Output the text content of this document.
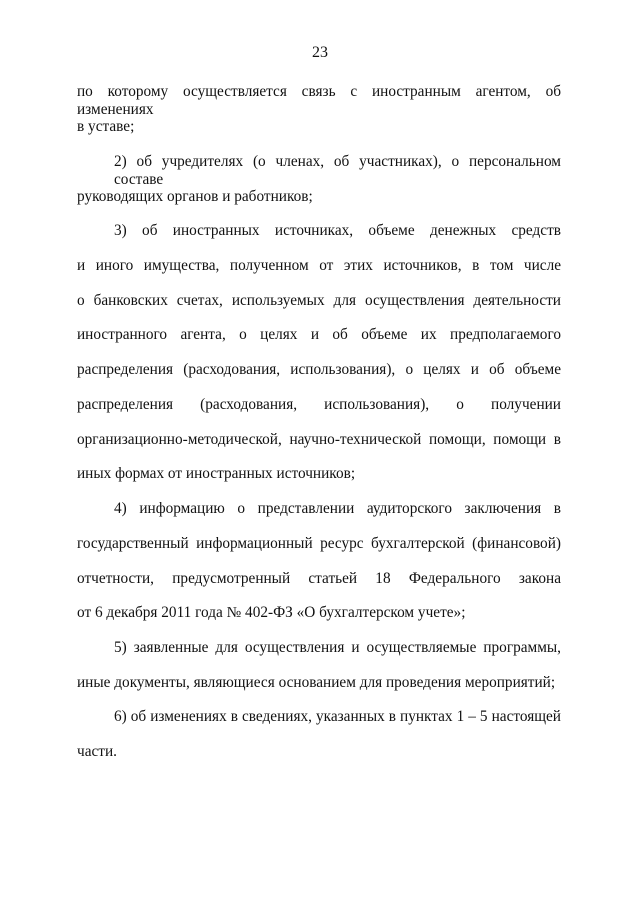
23
по которому осуществляется связь с иностранным агентом, об изменениях
в уставе;
2) об учредителях (о членах, об участниках), о персональном составе
руководящих органов и работников;
3) об иностранных источниках, объеме денежных средств
и иного имущества, полученном от этих источников, в том числе
о банковских счетах, используемых для осуществления деятельности
иностранного агента, о целях и об объеме их предполагаемого
распределения (расходования, использования), о целях и об объеме
распределения (расходования, использования), о получении
организационно-методической, научно-технической помощи, помощи в
иных формах от иностранных источников;
4) информацию о представлении аудиторского заключения в
государственный информационный ресурс бухгалтерской (финансовой)
отчетности, предусмотренный статьей 18 Федерального закона
от 6 декабря 2011 года № 402-ФЗ «О бухгалтерском учете»;
5) заявленные для осуществления и осуществляемые программы,
иные документы, являющиеся основанием для проведения мероприятий;
6) об изменениях в сведениях, указанных в пунктах 1 – 5 настоящей
части.
